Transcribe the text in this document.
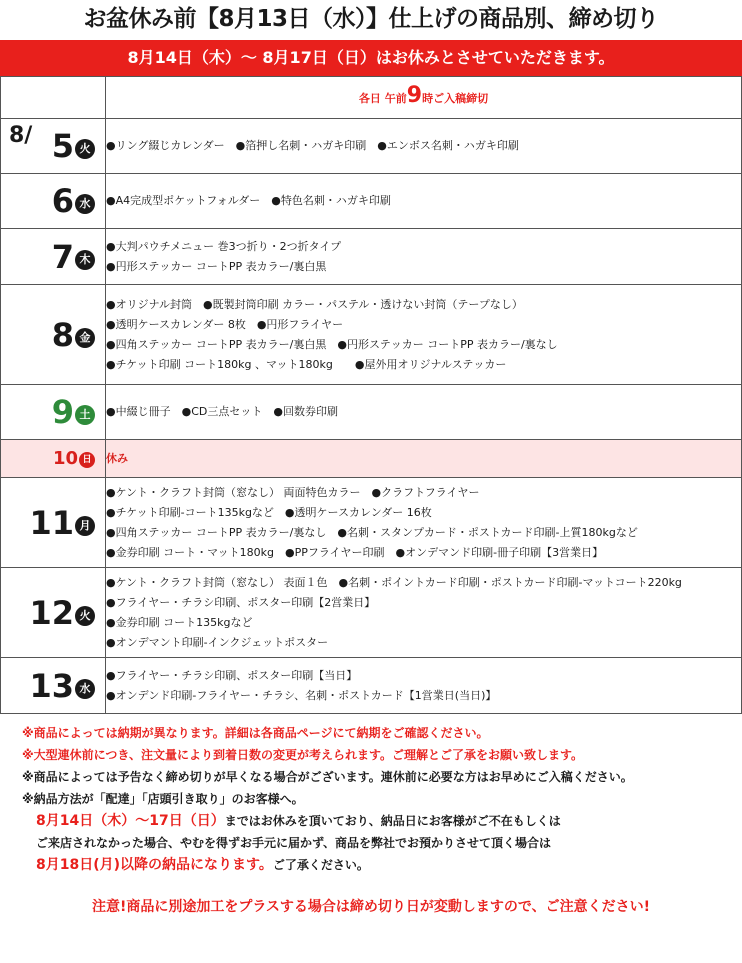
お盆休み前【8月13日（水）】仕上げの商品別、締め切り
8月14日（木）～ 8月17日（日）はお休みとさせていただきます。
	各日 午前9時ご入稿締切

8/ 5 火	●リング綴じカレンダー　●箔押し名刺・ハガキ印刷　●エンボス名刺・ハガキ印刷

6 水	●A4完成型ポケットフォルダー　●特色名刺・ハガキ印刷

7 木	●大判パウチメニュー 巻3つ折り・2つ折タイプ
●円形ステッカー コートPP 表カラー/裏白黒

8 金	●オリジナル封筒　●既製封筒印刷 カラー・パステル・透けない封筒（テープなし）
●透明ケースカレンダー 8枚　●円形フライヤー
●四角ステッカー コートPP 表カラー/裏白黒　●円形ステッカー コートPP 表カラー/裏なし
●チケット印刷 コート180kg 、マット180kg　　●屋外用オリジナルステッカー

9 土	●中綴じ冊子　●CD三点セット　●回数券印刷

10 日	休み

11 月	●ケント・クラフト封筒（窓なし） 両面特色カラー　●クラフトフライヤー
●チケット印刷-コート135kgなど　●透明ケースカレンダー 16枚
●四角ステッカー コートPP 表カラー/裏なし　●名刺・スタンプカード・ポストカード印刷-上質180kgなど
●金券印刷 コート・マット180kg　●PPフライヤー印刷　●オンデマンド印刷-冊子印刷【3営業日】

12 火	●ケント・クラフト封筒（窓なし） 表面１色　●名刺・ポイントカード印刷・ポストカード印刷-マットコート220kg
●フライヤー・チラシ印刷、ポスター印刷【2営業日】
●金券印刷 コート135kgなど
●オンデマント印刷-インクジェットポスター

13 水	●フライヤー・チラシ印刷、ポスター印刷【当日】
●オンデンド印刷-フライヤー・チラシ、名刺・ポストカード【1営業日(当日)】
※商品によっては納期が異なります。詳細は各商品ページにて納期をご確認ください。
※大型連休前につき、注文量により到着日数の変更が考えられます。ご理解とご了承をお願い致します。
※商品によっては予告なく締め切りが早くなる場合がございます。連休前に必要な方はお早めにご入稿ください。
※納品方法が「配達」「店頭引き取り」のお客様へ。
8月14日（木）～17日（日）まではお休みを頂いており、納品日にお客様がご不在もしくは
ご来店されなかった場合、やむを得ずお手元に届かず、商品を弊社でお預かりさせて頂く場合は
8月18日(月)以降の納品になります。ご了承ください。
注意!商品に別途加工をプラスする場合は締め切り日が変動しますので、ご注意ください!
